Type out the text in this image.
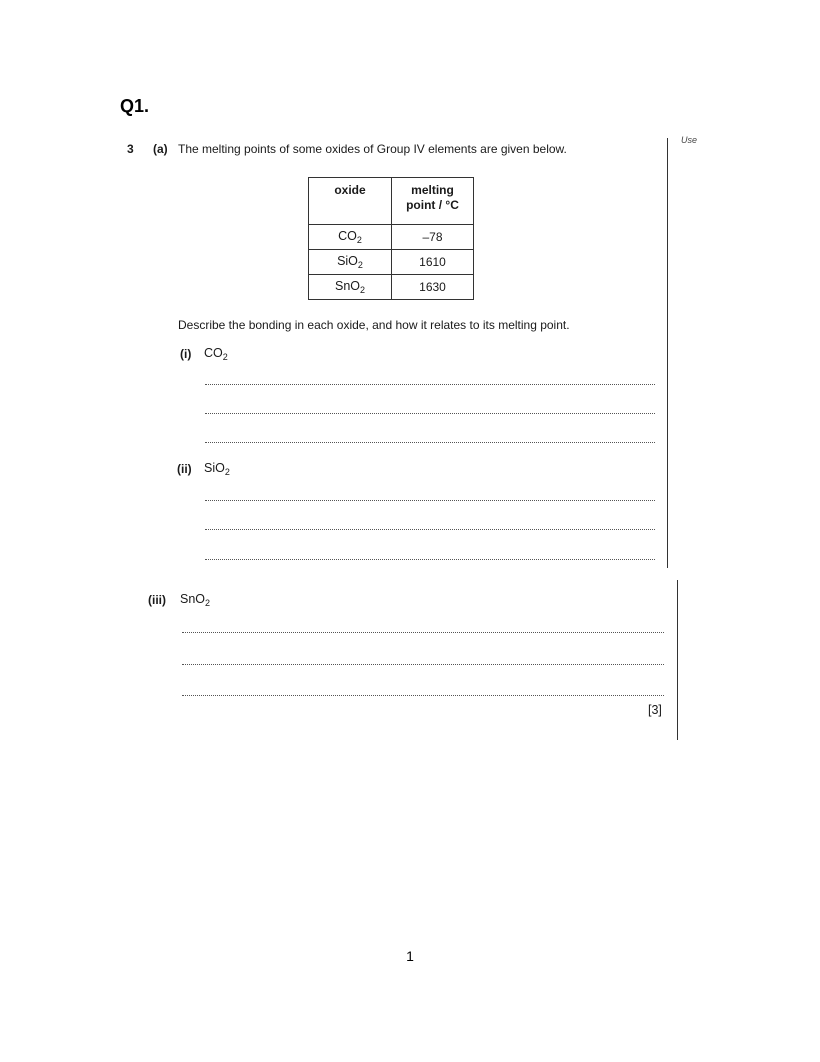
Q1.
Use
3 (a) The melting points of some oxides of Group IV elements are given below.
oxide	melting
point / °C
$CO_2$	–78
SiO$_2$	1610
SnO$_2$	1630
Describe the bonding in each oxide, and how it relates to its melting point.
(i) $CO_2$
(ii) SiO$_2$
(iii) SnO$_2$
[3]
1
